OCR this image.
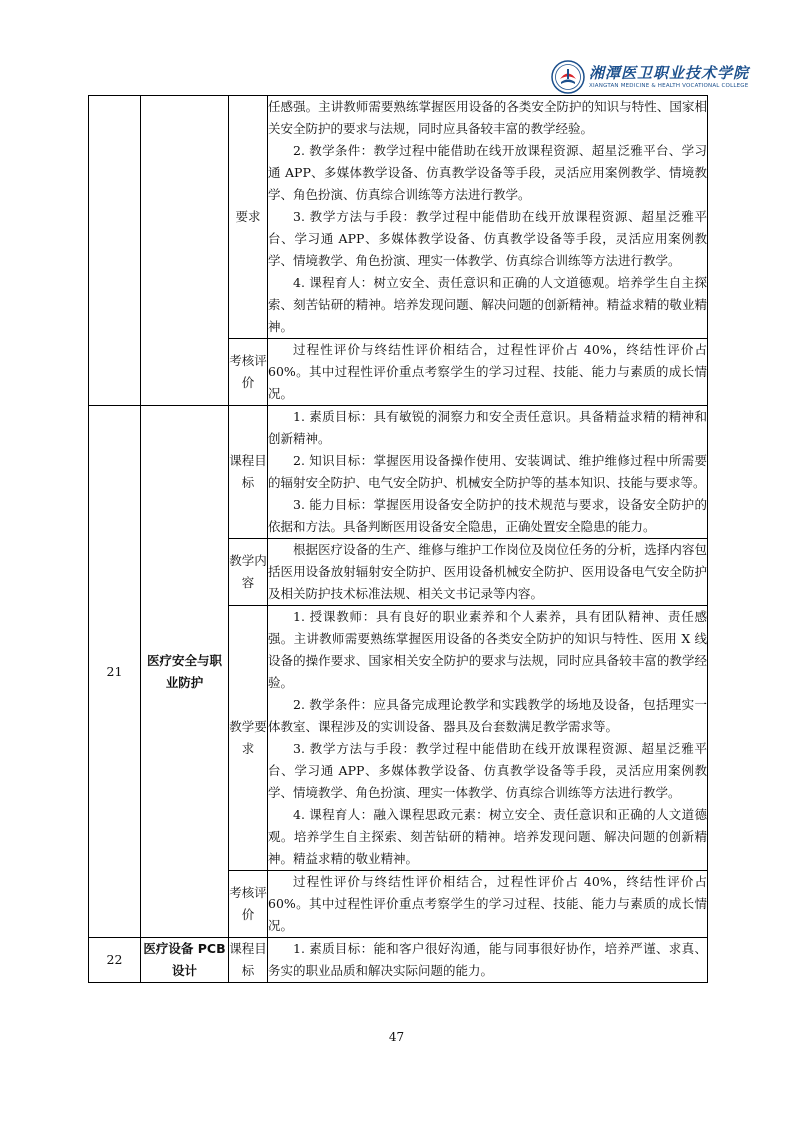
湘潭医卫职业技术学院
XIANGTAN MEDICINE & HEALTH VOCATIONAL COLLEGE
		要求	任感强。主讲教师需要熟练掌握医用设备的各类安全防护的知识与特性、国家相关安全防护的要求与法规，同时应具备较丰富的教学经验。
2. 教学条件：教学过程中能借助在线开放课程资源、超星泛雅平台、学习通 APP、多媒体教学设备、仿真教学设备等手段，灵活应用案例教学、情境教学、角色扮演、仿真综合训练等方法进行教学。
3. 教学方法与手段：教学过程中能借助在线开放课程资源、超星泛雅平台、学习通 APP、多媒体教学设备、仿真教学设备等手段，灵活应用案例教学、情境教学、角色扮演、理实一体教学、仿真综合训练等方法进行教学。
4. 课程育人：树立安全、责任意识和正确的人文道德观。培养学生自主探索、刻苦钻研的精神。培养发现问题、解决问题的创新精神。精益求精的敬业精神。

		考核评价	过程性评价与终结性评价相结合，过程性评价占 40%，终结性评价占 60%。其中过程性评价重点考察学生的学习过程、技能、能力与素质的成长情况。

21	医疗安全与职业防护	课程目标	1. 素质目标：具有敏锐的洞察力和安全责任意识。具备精益求精的精神和创新精神。
2. 知识目标：掌握医用设备操作使用、安装调试、维护维修过程中所需要的辐射安全防护、电气安全防护、机械安全防护等的基本知识、技能与要求等。
3. 能力目标：掌握医用设备安全防护的技术规范与要求，设备安全防护的依据和方法。具备判断医用设备安全隐患，正确处置安全隐患的能力。

		教学内容	根据医疗设备的生产、维修与维护工作岗位及岗位任务的分析，选择内容包括医用设备放射辐射安全防护、医用设备机械安全防护、医用设备电气安全防护及相关防护技术标准法规、相关文书记录等内容。

		教学要求	1. 授课教师：具有良好的职业素养和个人素养，具有团队精神、责任感强。主讲教师需要熟练掌握医用设备的各类安全防护的知识与特性、医用 X 线设备的操作要求、国家相关安全防护的要求与法规，同时应具备较丰富的教学经验。
2. 教学条件：应具备完成理论教学和实践教学的场地及设备，包括理实一体教室、课程涉及的实训设备、器具及台套数满足教学需求等。
3. 教学方法与手段：教学过程中能借助在线开放课程资源、超星泛雅平台、学习通 APP、多媒体教学设备、仿真教学设备等手段，灵活应用案例教学、情境教学、角色扮演、理实一体教学、仿真综合训练等方法进行教学。
4. 课程育人：融入课程思政元素：树立安全、责任意识和正确的人文道德观。培养学生自主探索、刻苦钻研的精神。培养发现问题、解决问题的创新精神。精益求精的敬业精神。

		考核评价	过程性评价与终结性评价相结合，过程性评价占 40%，终结性评价占 60%。其中过程性评价重点考察学生的学习过程、技能、能力与素质的成长情况。

22	医疗设备 PCB 设计	课程目标	1. 素质目标：能和客户很好沟通，能与同事很好协作，培养严谨、求真、务实的职业品质和解决实际问题的能力。
47
